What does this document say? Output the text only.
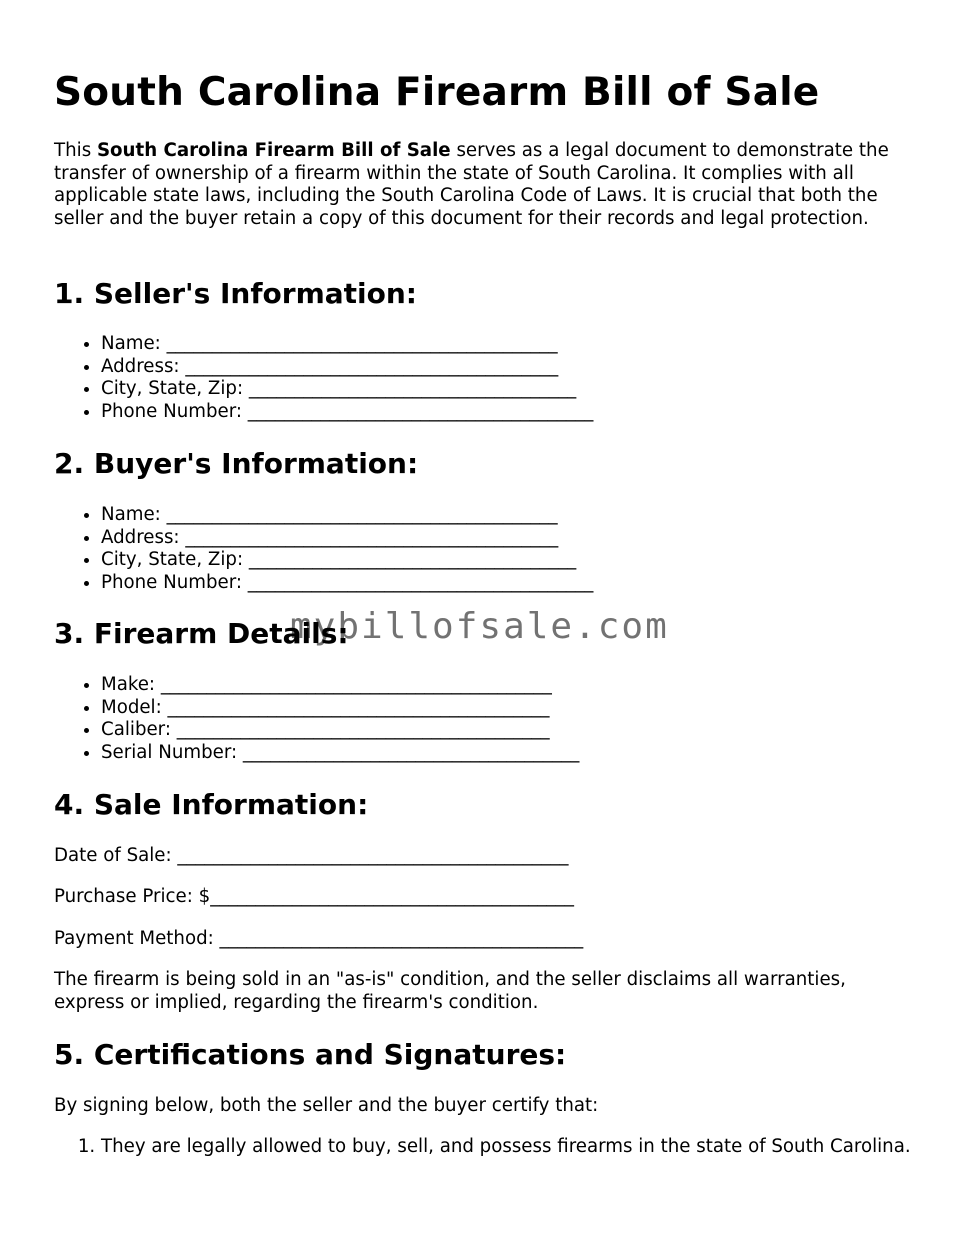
South Carolina Firearm Bill of Sale

This South Carolina Firearm Bill of Sale serves as a legal document to demonstrate the transfer of ownership of a firearm within the state of South Carolina. It complies with all applicable state laws, including the South Carolina Code of Laws. It is crucial that both the seller and the buyer retain a copy of this document for their records and legal protection.

1. Seller's Information:
• Name: ___________________________________________
• Address: _________________________________________
• City, State, Zip: ____________________________________
• Phone Number: ______________________________________
2. Buyer's Information:
• Name: ___________________________________________
• Address: _________________________________________
• City, State, Zip: ____________________________________
• Phone Number: ______________________________________
3. Firearm Details:
• Make: ___________________________________________
• Model: __________________________________________
• Caliber: _________________________________________
• Serial Number: _____________________________________
4. Sale Information:

Date of Sale: ___________________________________________

Purchase Price: $________________________________________

Payment Method: ________________________________________

The firearm is being sold in an "as-is" condition, and the seller disclaims all warranties, express or implied, regarding the firearm's condition.

5. Certifications and Signatures:

By signing below, both the seller and the buyer certify that:

1. They are legally allowed to buy, sell, and possess firearms in the state of South Carolina.
mybillofsale.com
